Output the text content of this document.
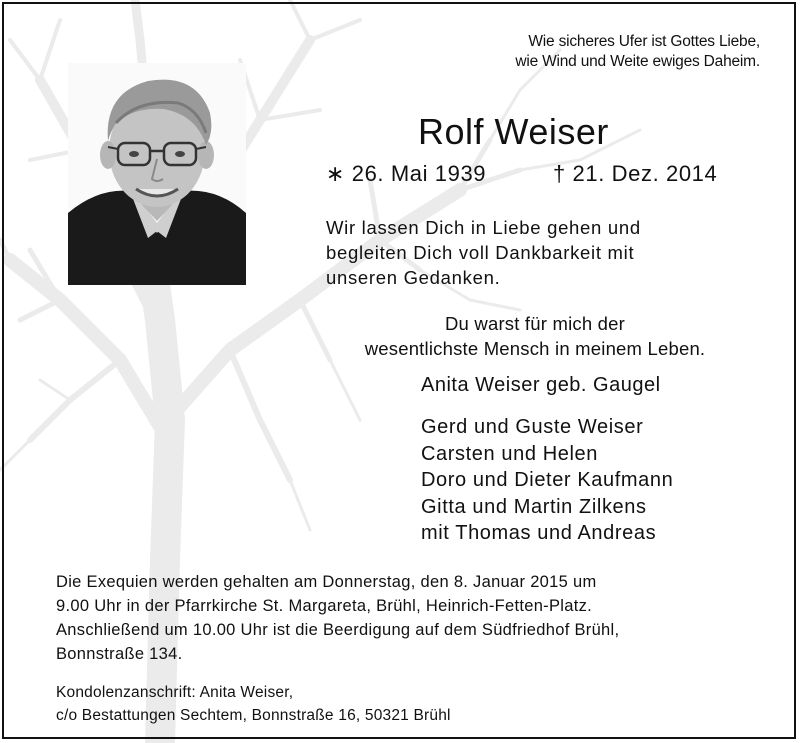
Wie sicheres Ufer ist Gottes Liebe,
wie Wind und Weite ewiges Daheim.
Rolf Weiser
∗ 26. Mai 1939	† 21. Dez. 2014
Wir lassen Dich in Liebe gehen und
begleiten Dich voll Dankbarkeit mit
unseren Gedanken.
Du warst für mich der
wesentlichste Mensch in meinem Leben.
Anita Weiser geb. Gaugel
Gerd und Guste Weiser
Carsten und Helen
Doro und Dieter Kaufmann
Gitta und Martin Zilkens
mit Thomas und Andreas
Die Exequien werden gehalten am Donnerstag, den 8. Januar 2015 um
9.00 Uhr in der Pfarrkirche St. Margareta, Brühl, Heinrich-Fetten-Platz.
Anschließend um 10.00 Uhr ist die Beerdigung auf dem Südfriedhof Brühl,
Bonnstraße 134.
Kondolenzanschrift: Anita Weiser,
c/o Bestattungen Sechtem, Bonnstraße 16, 50321 Brühl
